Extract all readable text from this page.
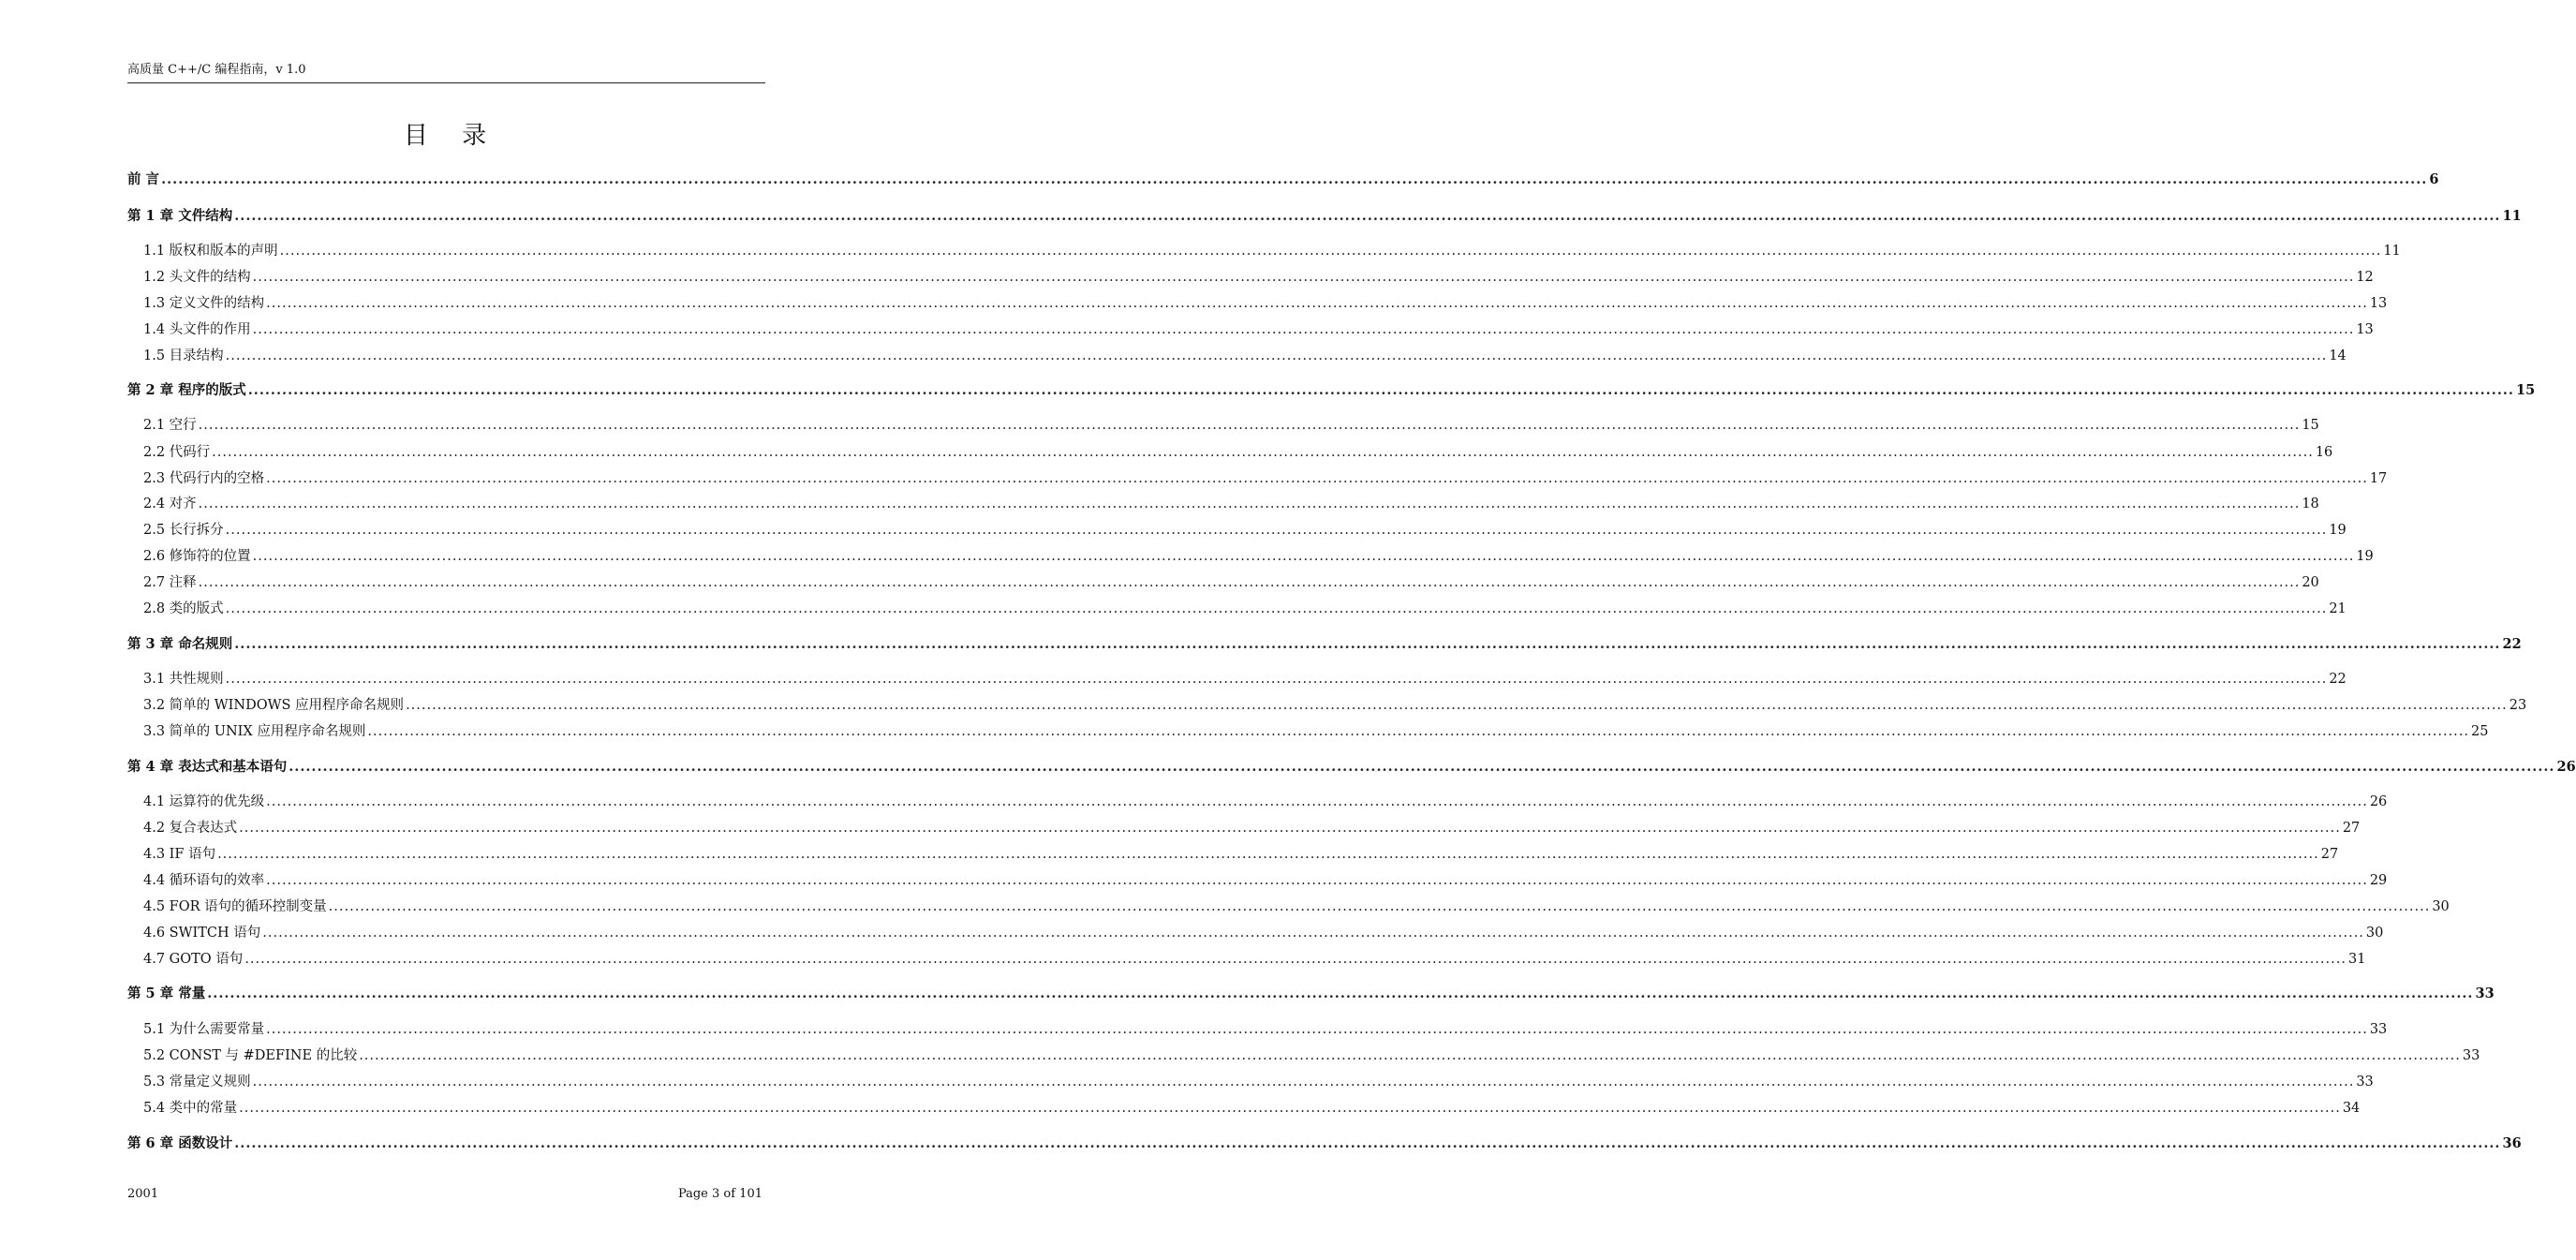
高质量 C++/C 编程指南，v 1.0
目 录
前 言 ................................................................................................................................................................................................................................................................................................................................................................................................................ 6
第 1 章 文件结构 ................................................................................................................................................................................................................................................................................................................................................................................................................ 11
1.1 版权和版本的声明 ................................................................................................................................................................................................................................................................................................................................................................................................................ 11
1.2 头文件的结构 ................................................................................................................................................................................................................................................................................................................................................................................................................ 12
1.3 定义文件的结构 ................................................................................................................................................................................................................................................................................................................................................................................................................ 13
1.4 头文件的作用 ................................................................................................................................................................................................................................................................................................................................................................................................................ 13
1.5 目录结构 ................................................................................................................................................................................................................................................................................................................................................................................................................ 14
第 2 章 程序的版式 ................................................................................................................................................................................................................................................................................................................................................................................................................ 15
2.1 空行 ................................................................................................................................................................................................................................................................................................................................................................................................................ 15
2.2 代码行 ................................................................................................................................................................................................................................................................................................................................................................................................................ 16
2.3 代码行内的空格 ................................................................................................................................................................................................................................................................................................................................................................................................................ 17
2.4 对齐 ................................................................................................................................................................................................................................................................................................................................................................................................................ 18
2.5 长行拆分 ................................................................................................................................................................................................................................................................................................................................................................................................................ 19
2.6 修饰符的位置 ................................................................................................................................................................................................................................................................................................................................................................................................................ 19
2.7 注释 ................................................................................................................................................................................................................................................................................................................................................................................................................ 20
2.8 类的版式 ................................................................................................................................................................................................................................................................................................................................................................................................................ 21
第 3 章 命名规则 ................................................................................................................................................................................................................................................................................................................................................................................................................ 22
3.1 共性规则 ................................................................................................................................................................................................................................................................................................................................................................................................................ 22
3.2 简单的 WINDOWS 应用程序命名规则 ................................................................................................................................................................................................................................................................................................................................................................................................................ 23
3.3 简单的 UNIX 应用程序命名规则 ................................................................................................................................................................................................................................................................................................................................................................................................................ 25
第 4 章 表达式和基本语句 ................................................................................................................................................................................................................................................................................................................................................................................................................ 26
4.1 运算符的优先级 ................................................................................................................................................................................................................................................................................................................................................................................................................ 26
4.2 复合表达式 ................................................................................................................................................................................................................................................................................................................................................................................................................ 27
4.3 IF 语句 ................................................................................................................................................................................................................................................................................................................................................................................................................ 27
4.4 循环语句的效率 ................................................................................................................................................................................................................................................................................................................................................................................................................ 29
4.5 FOR 语句的循环控制变量 ................................................................................................................................................................................................................................................................................................................................................................................................................ 30
4.6 SWITCH 语句 ................................................................................................................................................................................................................................................................................................................................................................................................................ 30
4.7 GOTO 语句 ................................................................................................................................................................................................................................................................................................................................................................................................................ 31
第 5 章 常量 ................................................................................................................................................................................................................................................................................................................................................................................................................ 33
5.1 为什么需要常量 ................................................................................................................................................................................................................................................................................................................................................................................................................ 33
5.2 CONST 与 #DEFINE 的比较 ................................................................................................................................................................................................................................................................................................................................................................................................................ 33
5.3 常量定义规则 ................................................................................................................................................................................................................................................................................................................................................................................................................ 33
5.4 类中的常量 ................................................................................................................................................................................................................................................................................................................................................................................................................ 34
第 6 章 函数设计 ................................................................................................................................................................................................................................................................................................................................................................................................................ 36
2001	Page 3 of 101
